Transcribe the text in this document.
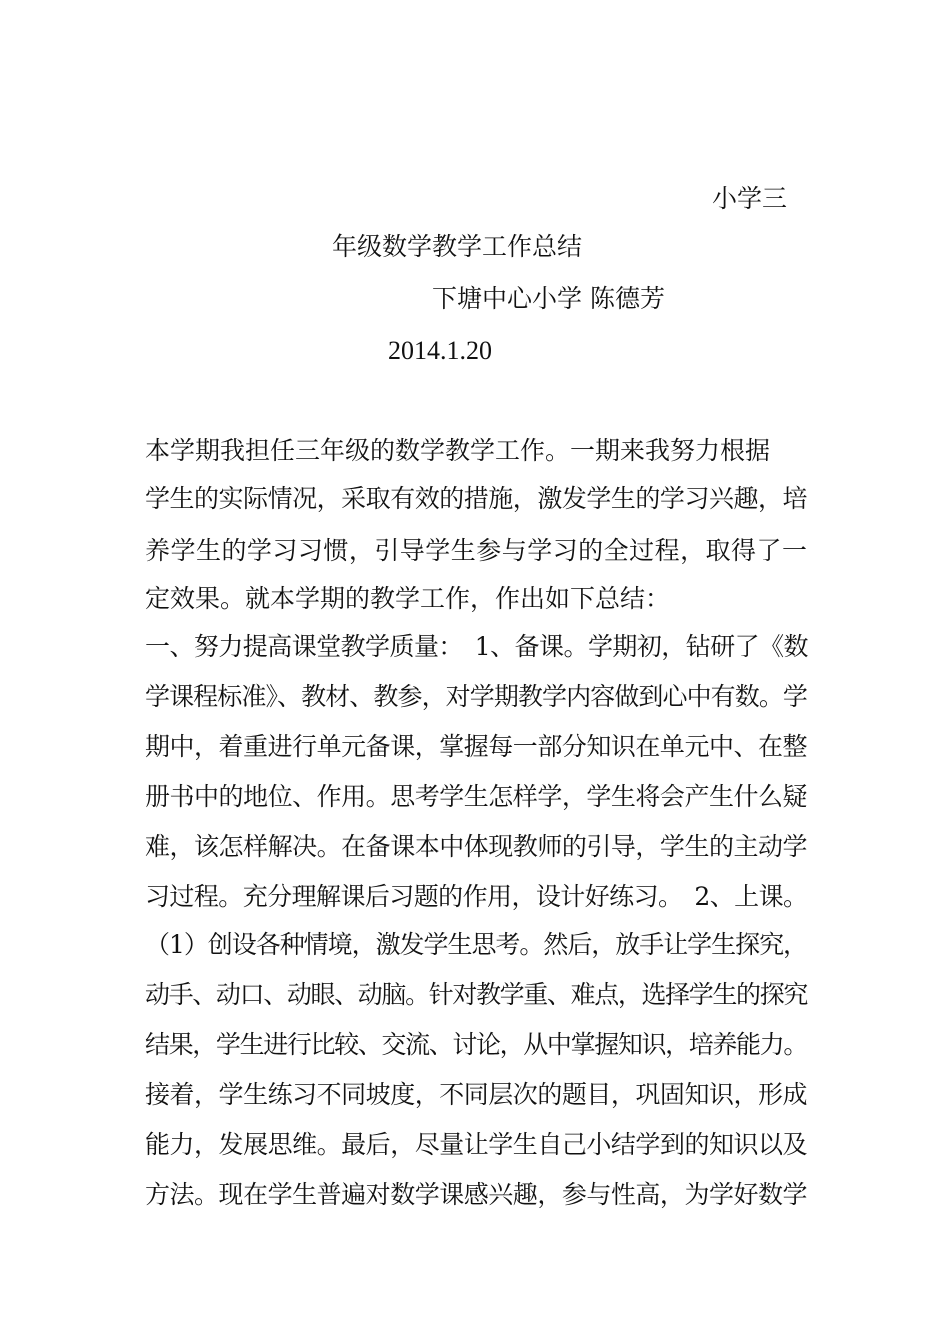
小学三
年级数学教学工作总结
下塘中心小学 陈德芳
2014.1.20
本学期我担任三年级的数学教学工作。一期来我努力根据
学生的实际情况，采取有效的措施，激发学生的学习兴趣，培
养学生的学习习惯，引导学生参与学习的全过程，取得了一
定效果。就本学期的教学工作，作出如下总结：
一、努力提高课堂教学质量：　1、备课。学期初，钻研了《数
学课程标准》、教材、教参，对学期教学内容做到心中有数。学
期中，着重进行单元备课，掌握每一部分知识在单元中、在整
册书中的地位、作用。思考学生怎样学，学生将会产生什么疑
难，该怎样解决。在备课本中体现教师的引导，学生的主动学
习过程。充分理解课后习题的作用，设计好练习。　2、上课。
（1）创设各种情境，激发学生思考。然后，放手让学生探究，
动手、动口、动眼、动脑。针对教学重、难点，选择学生的探究
结果，学生进行比较、交流、讨论，从中掌握知识，培养能力。
接着，学生练习不同坡度，不同层次的题目，巩固知识，形成
能力，发展思维。最后，尽量让学生自己小结学到的知识以及
方法。现在学生普遍对数学课感兴趣，参与性高，为学好数学
